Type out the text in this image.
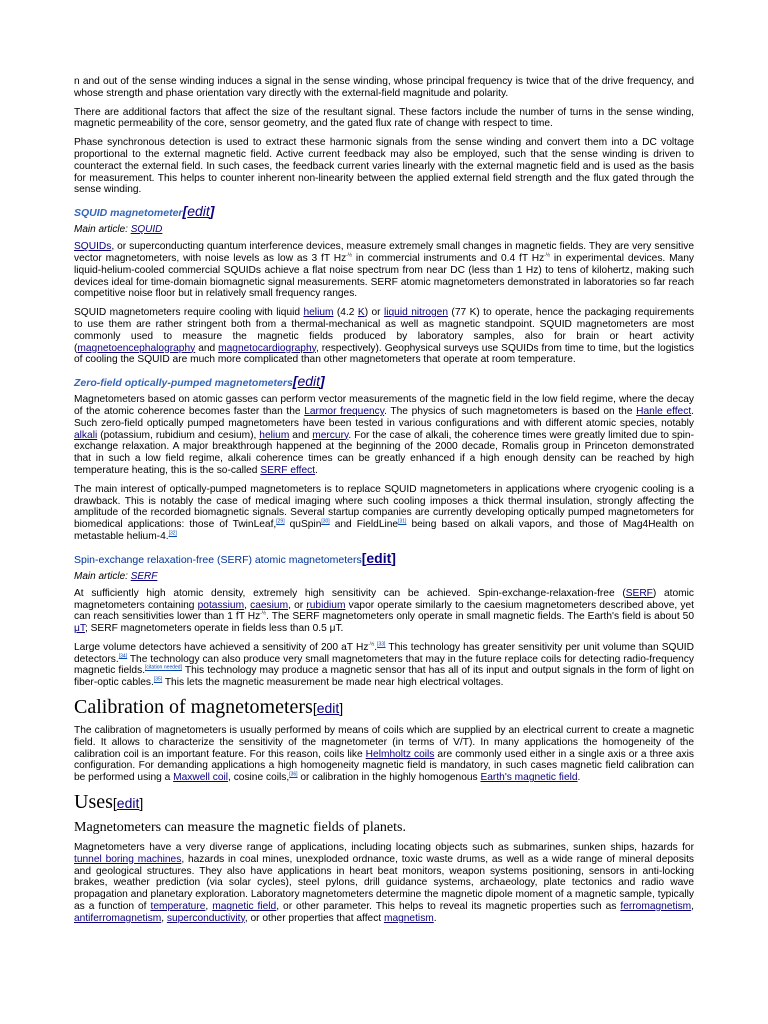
n and out of the sense winding induces a signal in the sense winding, whose principal frequency is twice that of the drive frequency, and whose strength and phase orientation vary directly with the external-field magnitude and polarity.

There are additional factors that affect the size of the resultant signal. These factors include the number of turns in the sense winding, magnetic permeability of the core, sensor geometry, and the gated flux rate of change with respect to time.

Phase synchronous detection is used to extract these harmonic signals from the sense winding and convert them into a DC voltage proportional to the external magnetic field. Active current feedback may also be employed, such that the sense winding is driven to counteract the external field. In such cases, the feedback current varies linearly with the external magnetic field and is used as the basis for measurement. This helps to counter inherent non-linearity between the applied external field strength and the flux gated through the sense winding.

SQUID magnetometer[edit]
Main article: SQUID

SQUIDs, or superconducting quantum interference devices, measure extremely small changes in magnetic fields. They are very sensitive vector magnetometers, with noise levels as low as 3 fT $Hz^{-\frac{1}{2}}$ in commercial instruments and 0.4 fT $Hz^{-\frac{1}{2}}$ in experimental devices. Many liquid-helium-cooled commercial SQUIDs achieve a flat noise spectrum from near DC (less than 1 Hz) to tens of kilohertz, making such devices ideal for time-domain biomagnetic signal measurements. SERF atomic magnetometers demonstrated in laboratories so far reach competitive noise floor but in relatively small frequency ranges.

SQUID magnetometers require cooling with liquid helium (4.2 K) or liquid nitrogen (77 K) to operate, hence the packaging requirements to use them are rather stringent both from a thermal-mechanical as well as magnetic standpoint. SQUID magnetometers are most commonly used to measure the magnetic fields produced by laboratory samples, also for brain or heart activity (magnetoencephalography and magnetocardiography, respectively). Geophysical surveys use SQUIDs from time to time, but the logistics of cooling the SQUID are much more complicated than other magnetometers that operate at room temperature.

Zero-field optically-pumped magnetometers[edit]

Magnetometers based on atomic gasses can perform vector measurements of the magnetic field in the low field regime, where the decay of the atomic coherence becomes faster than the Larmor frequency. The physics of such magnetometers is based on the Hanle effect. Such zero-field optically pumped magnetometers have been tested in various configurations and with different atomic species, notably alkali (potassium, rubidium and cesium), helium and mercury. For the case of alkali, the coherence times were greatly limited due to spin-exchange relaxation. A major breakthrough happened at the beginning of the 2000 decade, Romalis group in Princeton demonstrated that in such a low field regime, alkali coherence times can be greatly enhanced if a high enough density can be reached by high temperature heating, this is the so-called SERF effect.

The main interest of optically-pumped magnetometers is to replace SQUID magnetometers in applications where cryogenic cooling is a drawback. This is notably the case of medical imaging where such cooling imposes a thick thermal insulation, strongly affecting the amplitude of the recorded biomagnetic signals. Several startup companies are currently developing optically pumped magnetometers for biomedical applications: those of TwinLeaf,[29] quSpin[30] and FieldLine[31] being based on alkali vapors, and those of Mag4Health on metastable helium-4.[32]

Spin-exchange relaxation-free (SERF) atomic magnetometers[edit]
Main article: SERF

At sufficiently high atomic density, extremely high sensitivity can be achieved. Spin-exchange-relaxation-free (SERF) atomic magnetometers containing potassium, caesium, or rubidium vapor operate similarly to the caesium magnetometers described above, yet can reach sensitivities lower than 1 fT $Hz^{-\frac{1}{2}}$. The SERF magnetometers only operate in small magnetic fields. The Earth's field is about 50 μT; SERF magnetometers operate in fields less than 0.5 μT.

Large volume detectors have achieved a sensitivity of 200 aT $Hz^{-\frac{1}{2}}.[33]$ This technology has greater sensitivity per unit volume than SQUID detectors.[34] The technology can also produce very small magnetometers that may in the future replace coils for detecting radio-frequency magnetic fields.[citation needed] This technology may produce a magnetic sensor that has all of its input and output signals in the form of light on fiber-optic cables.[35] This lets the magnetic measurement be made near high electrical voltages.

Calibration of magnetometers[edit]

The calibration of magnetometers is usually performed by means of coils which are supplied by an electrical current to create a magnetic field. It allows to characterize the sensitivity of the magnetometer (in terms of V/T). In many applications the homogeneity of the calibration coil is an important feature. For this reason, coils like Helmholtz coils are commonly used either in a single axis or a three axis configuration. For demanding applications a high homogeneity magnetic field is mandatory, in such cases magnetic field calibration can be performed using a Maxwell coil, cosine coils,[36] or calibration in the highly homogenous Earth's magnetic field.

Uses[edit]
Magnetometers can measure the magnetic fields of planets.

Magnetometers have a very diverse range of applications, including locating objects such as submarines, sunken ships, hazards for tunnel boring machines, hazards in coal mines, unexploded ordnance, toxic waste drums, as well as a wide range of mineral deposits and geological structures. They also have applications in heart beat monitors, weapon systems positioning, sensors in anti-locking brakes, weather prediction (via solar cycles), steel pylons, drill guidance systems, archaeology, plate tectonics and radio wave propagation and planetary exploration. Laboratory magnetometers determine the magnetic dipole moment of a magnetic sample, typically as a function of temperature, magnetic field, or other parameter. This helps to reveal its magnetic properties such as ferromagnetism, antiferromagnetism, superconductivity, or other properties that affect magnetism.
